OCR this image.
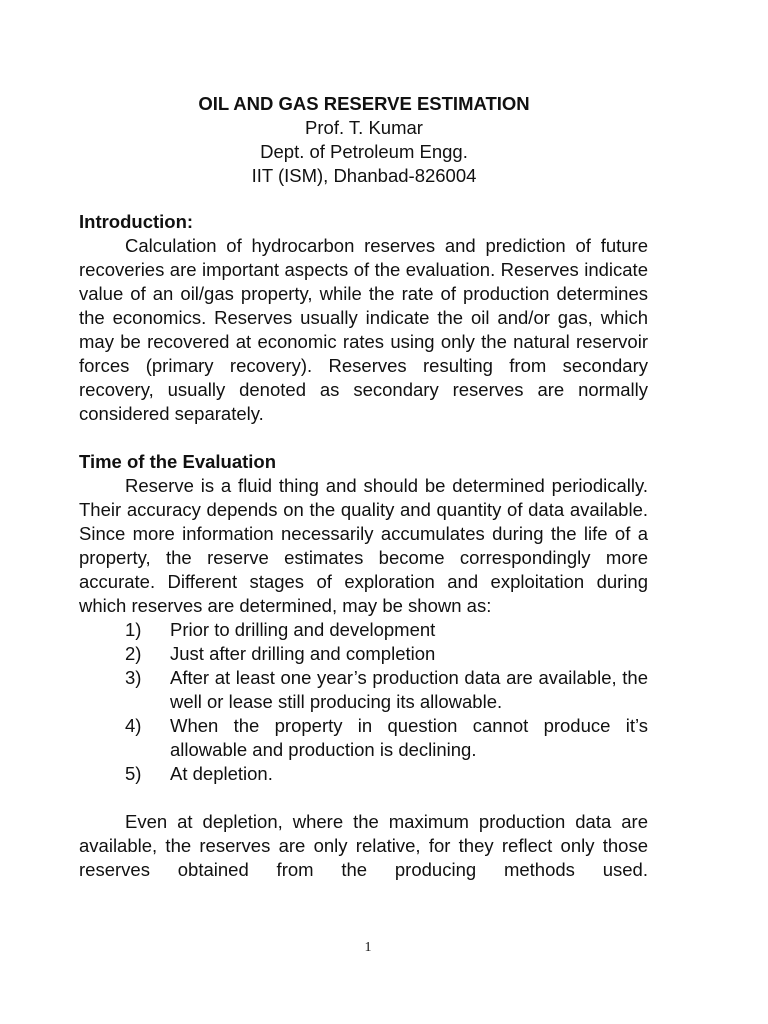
OIL AND GAS RESERVE ESTIMATION
Prof. T. Kumar
Dept. of Petroleum Engg.
IIT (ISM), Dhanbad-826004

Introduction:

Calculation of hydrocarbon reserves and prediction of future recoveries are important aspects of the evaluation. Reserves indicate value of an oil/gas property, while the rate of production determines the economics. Reserves usually indicate the oil and/or gas, which may be recovered at economic rates using only the natural reservoir forces (primary recovery). Reserves resulting from secondary recovery, usually denoted as secondary reserves are normally considered separately.

Time of the Evaluation

Reserve is a fluid thing and should be determined periodically. Their accuracy depends on the quality and quantity of data available. Since more information necessarily accumulates during the life of a property, the reserve estimates become correspondingly more accurate. Different stages of exploration and exploitation during which reserves are determined, may be shown as:

1) Prior to drilling and development
2) Just after drilling and completion
3) After at least one year’s production data are available, the well or lease still producing its allowable.
4) When the property in question cannot produce it’s allowable and production is declining.
5) At depletion.

Even at depletion, where the maximum production data are available, the reserves are only relative, for they reflect only those reserves obtained from the producing methods used.

1
